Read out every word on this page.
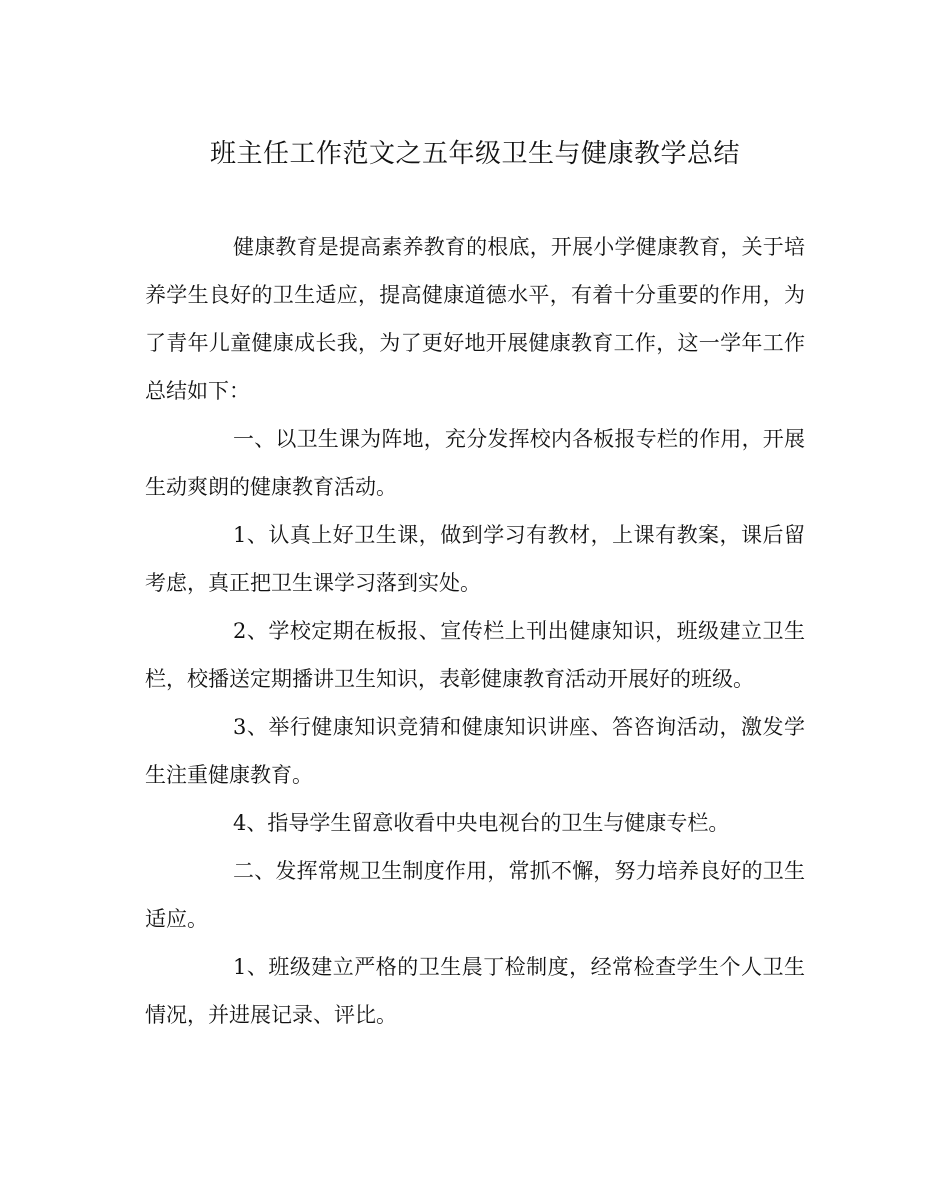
班主任工作范文之五年级卫生与健康教学总结

健康教育是提高素养教育的根底，开展小学健康教育，关于培养学生良好的卫生适应，提高健康道德水平，有着十分重要的作用，为了青年儿童健康成长我，为了更好地开展健康教育工作，这一学年工作总结如下：

一、以卫生课为阵地，充分发挥校内各板报专栏的作用，开展生动爽朗的健康教育活动。

1、认真上好卫生课，做到学习有教材，上课有教案，课后留考虑，真正把卫生课学习落到实处。

2、学校定期在板报、宣传栏上刊出健康知识，班级建立卫生栏，校播送定期播讲卫生知识，表彰健康教育活动开展好的班级。

3、举行健康知识竞猜和健康知识讲座、答咨询活动，激发学生注重健康教育。

4、指导学生留意收看中央电视台的卫生与健康专栏。

二、发挥常规卫生制度作用，常抓不懈，努力培养良好的卫生适应。

1、班级建立严格的卫生晨丁检制度，经常检查学生个人卫生情况，并进展记录、评比。
